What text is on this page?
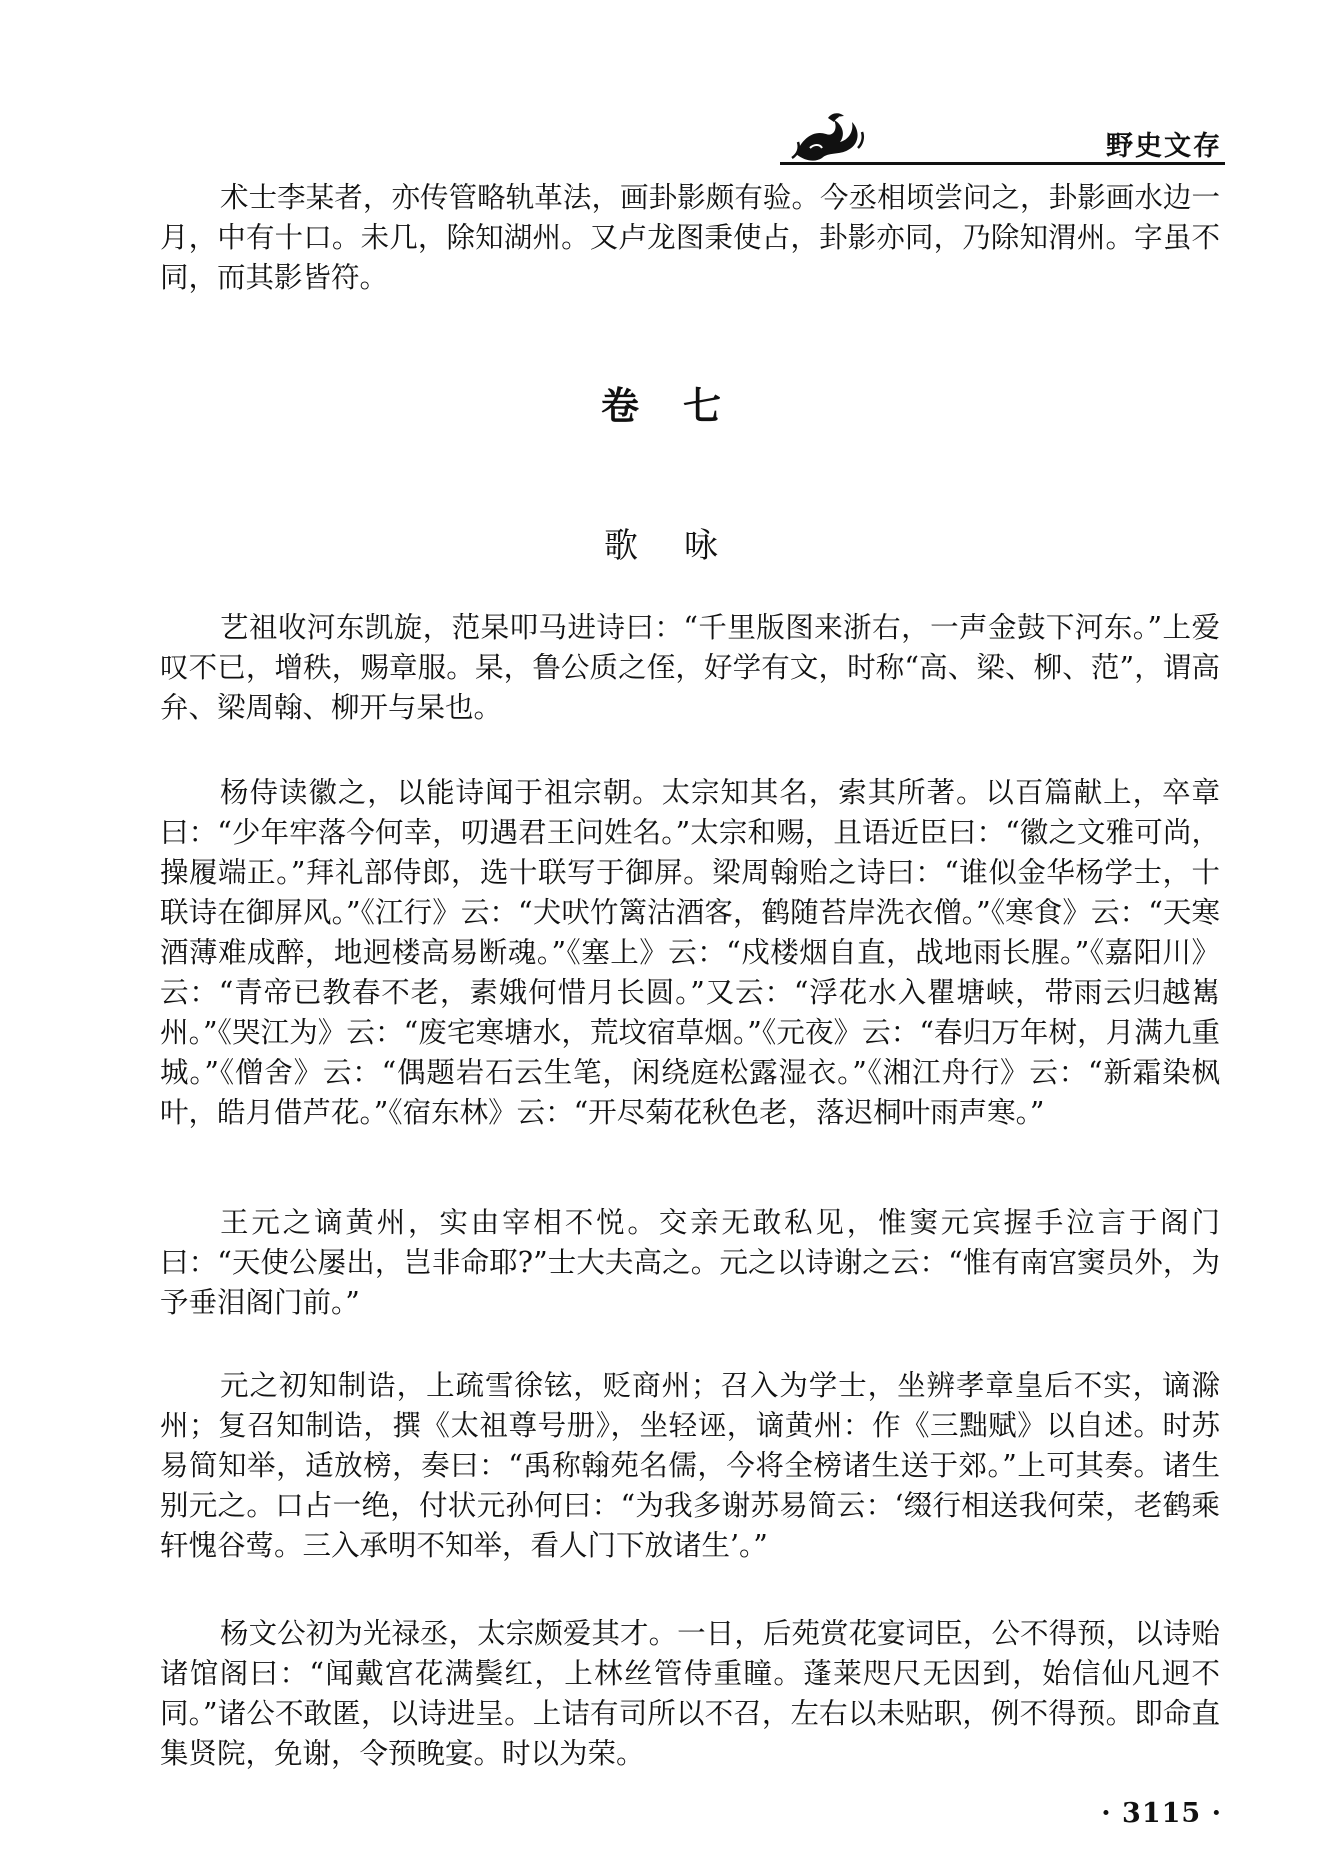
野史文存

术士李某者，亦传管略轨革法，画卦影颇有验。今丞相顷尝问之，卦影画水边一月，中有十口。未几，除知湖州。又卢龙图秉使占，卦影亦同，乃除知渭州。字虽不同，而其影皆符。

卷七
歌咏

艺祖收河东凯旋，范杲叩马进诗曰：“千里版图来浙右，一声金鼓下河东。”上爱叹不已，增秩，赐章服。杲，鲁公质之侄，好学有文，时称“高、梁、柳、范”，谓高弁、梁周翰、柳开与杲也。

杨侍读徽之，以能诗闻于祖宗朝。太宗知其名，索其所著。以百篇献上，卒章曰：“少年牢落今何幸，叨遇君王问姓名。”太宗和赐，且语近臣曰：“徽之文雅可尚，操履端正。”拜礼部侍郎，选十联写于御屏。梁周翰贻之诗曰：“谁似金华杨学士，十联诗在御屏风。”《江行》云：“犬吠竹篱沽酒客，鹤随苔岸洗衣僧。”《寒食》云：“天寒酒薄难成醉，地迥楼高易断魂。”《塞上》云：“戍楼烟自直，战地雨长腥。”《嘉阳川》云：“青帝已教春不老，素娥何惜月长圆。”又云：“浮花水入瞿塘峡，带雨云归越嶲州。”《哭江为》云：“废宅寒塘水，荒坟宿草烟。”《元夜》云：“春归万年树，月满九重城。”《僧舍》云：“偶题岩石云生笔，闲绕庭松露湿衣。”《湘江舟行》云：“新霜染枫叶，皓月借芦花。”《宿东林》云：“开尽菊花秋色老，落迟桐叶雨声寒。”

王元之谪黄州，实由宰相不悦。交亲无敢私见，惟窦元宾握手泣言于阁门曰：“天使公屡出，岂非命耶?”士大夫高之。元之以诗谢之云：“惟有南宫窦员外，为予垂泪阁门前。”

元之初知制诰，上疏雪徐铉，贬商州；召入为学士，坐辨孝章皇后不实，谪滁州；复召知制诰，撰《太祖尊号册》，坐轻诬，谪黄州：作《三黜赋》以自述。时苏易简知举，适放榜，奏曰：“禹称翰苑名儒，今将全榜诸生送于郊。”上可其奏。诸生别元之。口占一绝，付状元孙何曰：“为我多谢苏易简云：‘缀行相送我何荣，老鹤乘轩愧谷莺。三入承明不知举，看人门下放诸生’。”

杨文公初为光禄丞，太宗颇爱其才。一日，后苑赏花宴词臣，公不得预，以诗贻诸馆阁曰：“闻戴宫花满鬓红，上林丝管侍重瞳。蓬莱咫尺无因到，始信仙凡迥不同。”诸公不敢匿，以诗进呈。上诘有司所以不召，左右以未贴职，例不得预。即命直集贤院，免谢，令预晚宴。时以为荣。

· 3115 ·
